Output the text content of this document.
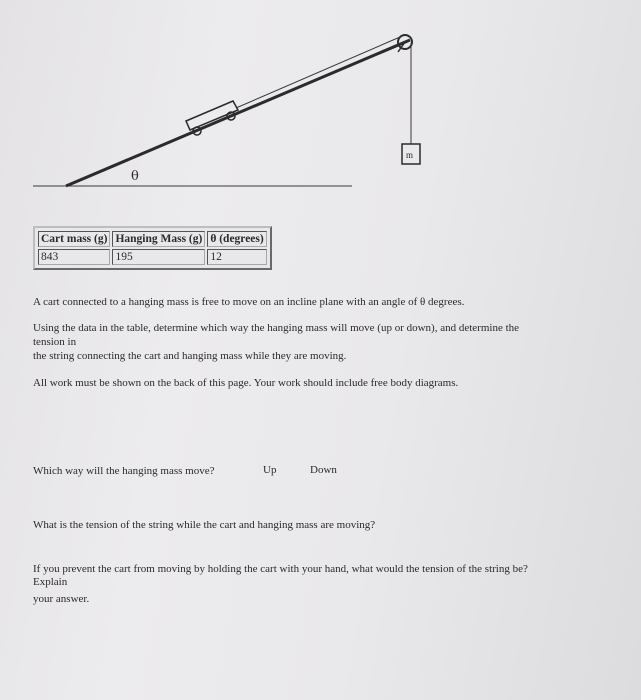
m
θ
Cart mass (g)	Hanging Mass (g)	θ (degrees)
843	195	12
A cart connected to a hanging mass is free to move on an incline plane with an angle of θ degrees.
Using the data in the table, determine which way the hanging mass will move (up or down), and determine the
tension in
the string connecting the cart and hanging mass while they are moving.
All work must be shown on the back of this page. Your work should include free body diagrams.
Which way will the hanging mass move?	Up	Down
What is the tension of the string while the cart and hanging mass are moving?
If you prevent the cart from moving by holding the cart with your hand, what would the tension of the string be?
Explain
your answer.
